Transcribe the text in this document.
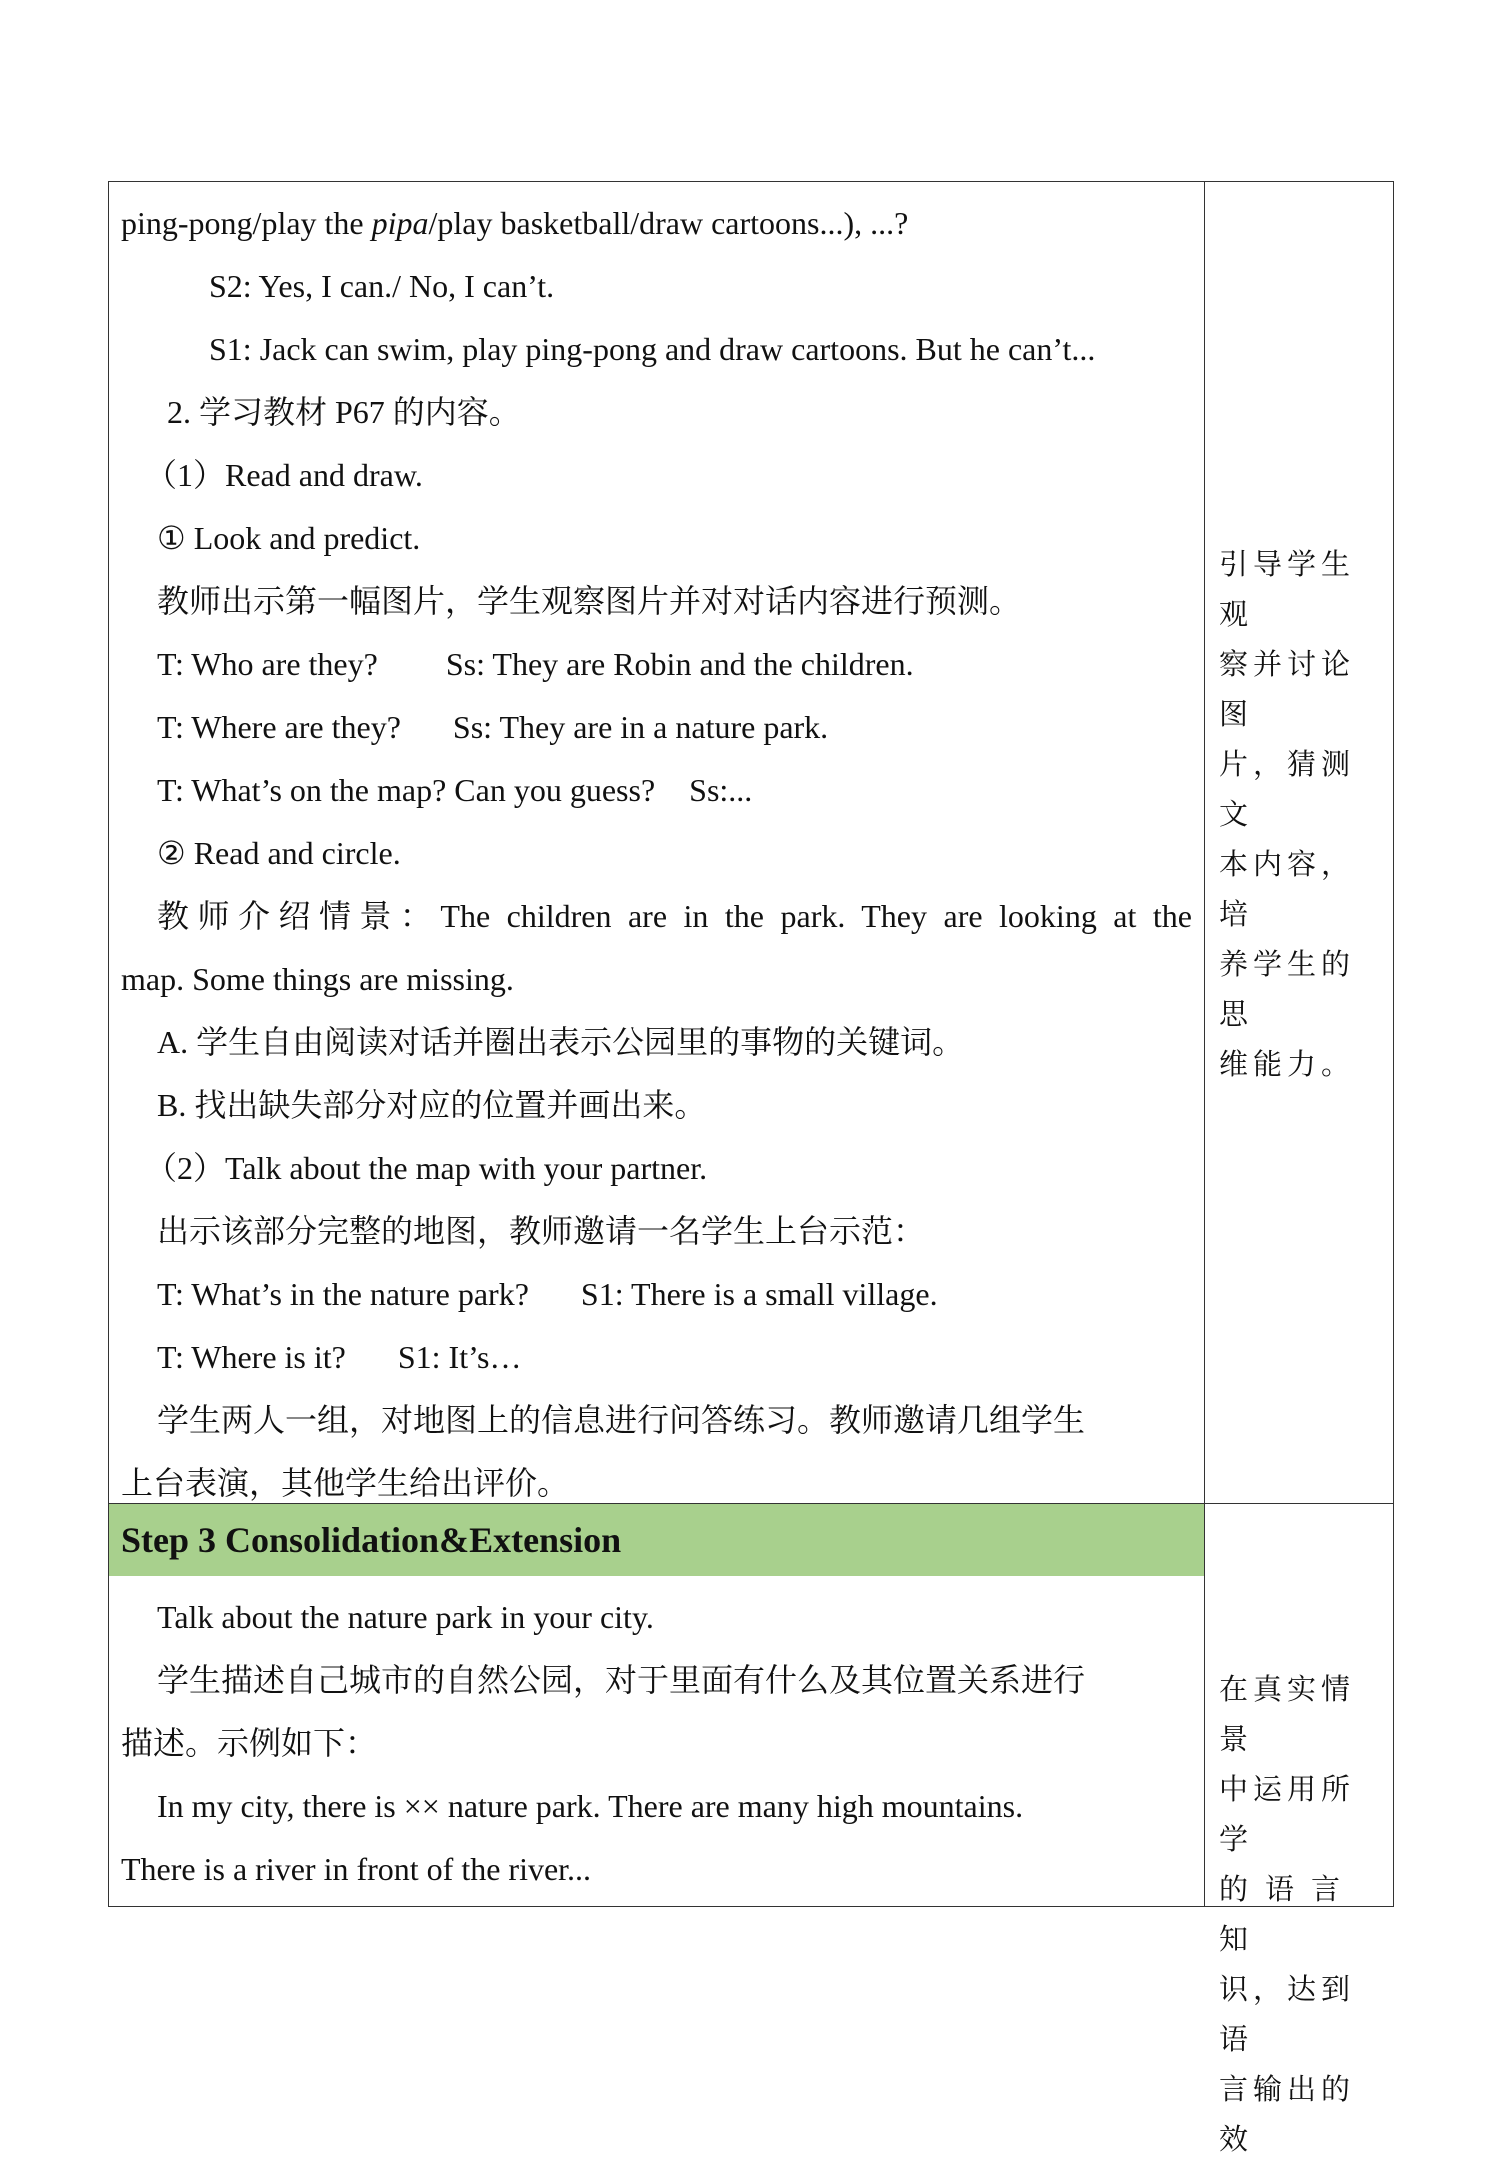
ping-pong/play the pipa/play basketball/draw cartoons...), ...?
S2: Yes, I can./ No, I can’t.
S1: Jack can swim, play ping-pong and draw cartoons. But he can’t...
2. 学习教材 P67 的内容。
（1）Read and draw.
① Look and predict.
教师出示第一幅图片，学生观察图片并对对话内容进行预测。
T: Who are they? Ss: They are Robin and the children.
T: Where are they? Ss: They are in a nature park.
T: What’s on the map? Can you guess? Ss:...
② Read and circle.
教师介绍情景：The children are in the park. They are looking at the
map. Some things are missing.
A. 学生自由阅读对话并圈出表示公园里的事物的关键词。
B. 找出缺失部分对应的位置并画出来。
（2）Talk about the map with your partner.
出示该部分完整的地图，教师邀请一名学生上台示范：
T: What’s in the nature park? S1: There is a small village.
T: Where is it? S1: It’s…
学生两人一组，对地图上的信息进行问答练习。教师邀请几组学生
上台表演，其他学生给出评价。
引导学生观
察并讨论图
片，猜测文
本内容，培
养学生的思
维能力。
Step 3 Consolidation&Extension
Talk about the nature park in your city.
学生描述自己城市的自然公园，对于里面有什么及其位置关系进行
描述。示例如下：
In my city, there is ×× nature park. There are many high mountains.
There is a river in front of the river...
在真实情景
中运用所学
的语言知
识，达到语
言输出的效
